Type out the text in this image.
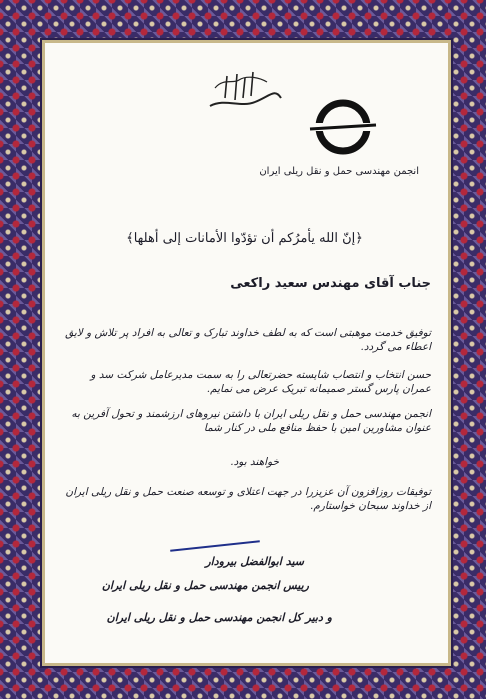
انجمن مهندسی حمل و نقل ریلی ایران
﴿إنّ الله يأمرُكم أن تؤدّوا الأمانات إلى أهلها﴾
جناب آقای مهندس سعید راکعی
توفیق خدمت موهبتی است که به لطف خداوند تبارک و تعالی به افراد پر تلاش و لایق اعطاء می گردد.
حسن انتخاب و انتصاب شایسته حضرتعالی را به سمت مدیرعامل شرکت سد و عمران پارس گستر صمیمانه تبریک عرض می نمایم.
انجمن مهندسی حمل و نقل ریلی ایران با داشتن نیروهای ارزشمند و تحول آفرین به عنوان مشاورین امین با حفظ منافع ملی در کنار شما
خواهند بود.
توفیقات روزافزون آن عزیزرا در جهت اعتلای و توسعه صنعت حمل و نقل ریلی ایران از خداوند سبحان خواستارم.
سید ابوالفضل بیرودار
رییس انجمن مهندسی حمل و نقل ریلی ایران
و دبیر کل انجمن مهندسی حمل و نقل ریلی ایران
